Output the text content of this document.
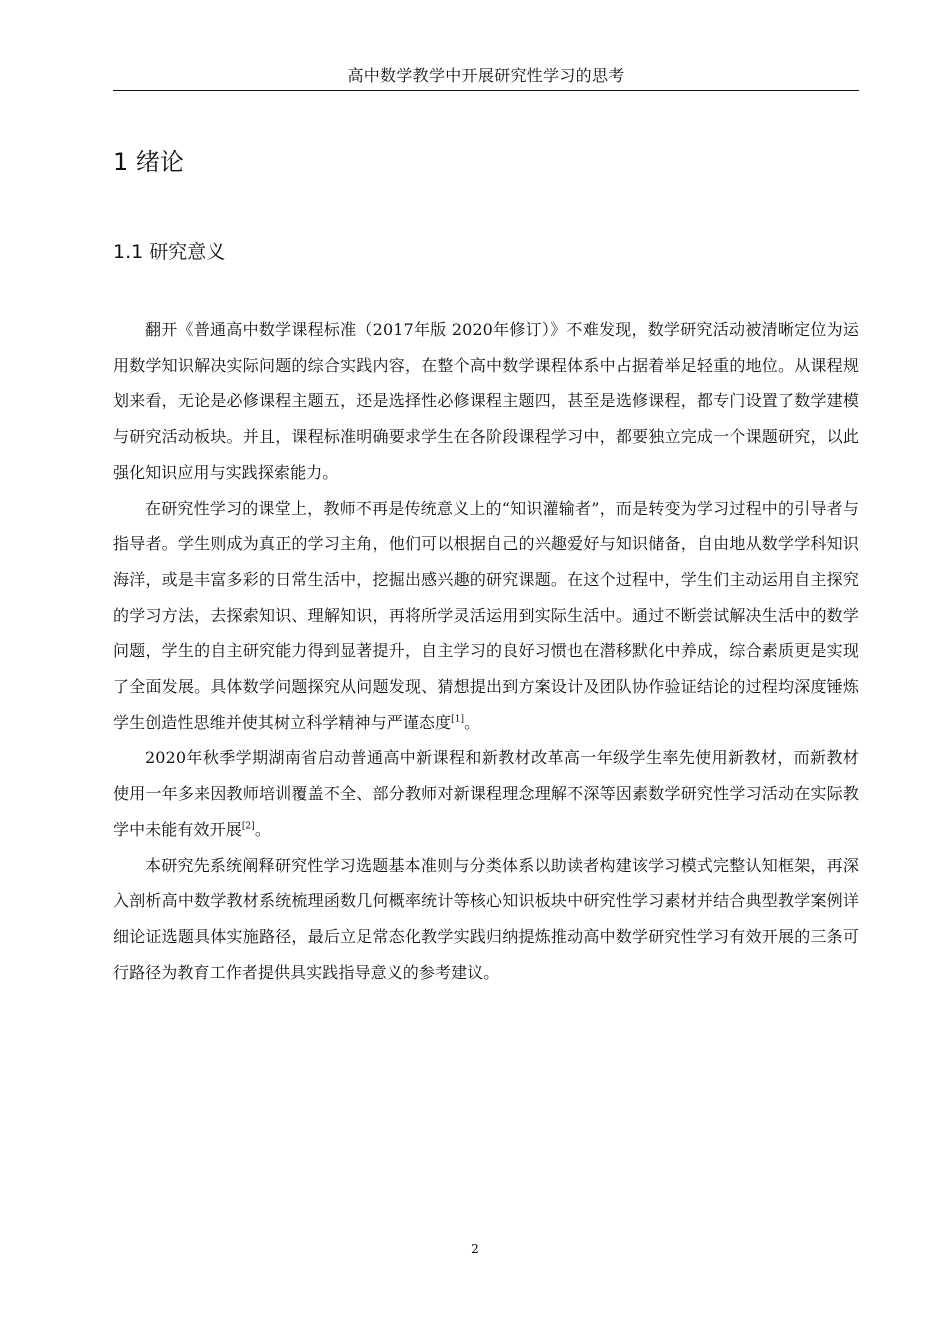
高中数学教学中开展研究性学习的思考
1 绪论
1.1 研究意义

翻开《普通高中数学课程标准（2017年版 2020年修订）》不难发现，数学研究活动被清晰定位为运用数学知识解决实际问题的综合实践内容，在整个高中数学课程体系中占据着举足轻重的地位。从课程规划来看，无论是必修课程主题五，还是选择性必修课程主题四，甚至是选修课程，都专门设置了数学建模与研究活动板块。并且，课程标准明确要求学生在各阶段课程学习中，都要独立完成一个课题研究，以此强化知识应用与实践探索能力。

在研究性学习的课堂上，教师不再是传统意义上的“知识灌输者”，而是转变为学习过程中的引导者与指导者。学生则成为真正的学习主角，他们可以根据自己的兴趣爱好与知识储备，自由地从数学学科知识海洋，或是丰富多彩的日常生活中，挖掘出感兴趣的研究课题。在这个过程中，学生们主动运用自主探究的学习方法，去探索知识、理解知识，再将所学灵活运用到实际生活中。通过不断尝试解决生活中的数学问题，学生的自主研究能力得到显著提升，自主学习的良好习惯也在潜移默化中养成，综合素质更是实现了全面发展。具体数学问题探究从问题发现、猜想提出到方案设计及团队协作验证结论的过程均深度锤炼学生创造性思维并使其树立科学精神与严谨态度[1]。

2020年秋季学期湖南省启动普通高中新课程和新教材改革高一年级学生率先使用新教材，而新教材使用一年多来因教师培训覆盖不全、部分教师对新课程理念理解不深等因素数学研究性学习活动在实际教学中未能有效开展[2]。

本研究先系统阐释研究性学习选题基本准则与分类体系以助读者构建该学习模式完整认知框架，再深入剖析高中数学教材系统梳理函数几何概率统计等核心知识板块中研究性学习素材并结合典型教学案例详细论证选题具体实施路径，最后立足常态化教学实践归纳提炼推动高中数学研究性学习有效开展的三条可行路径为教育工作者提供具实践指导意义的参考建议。

2
